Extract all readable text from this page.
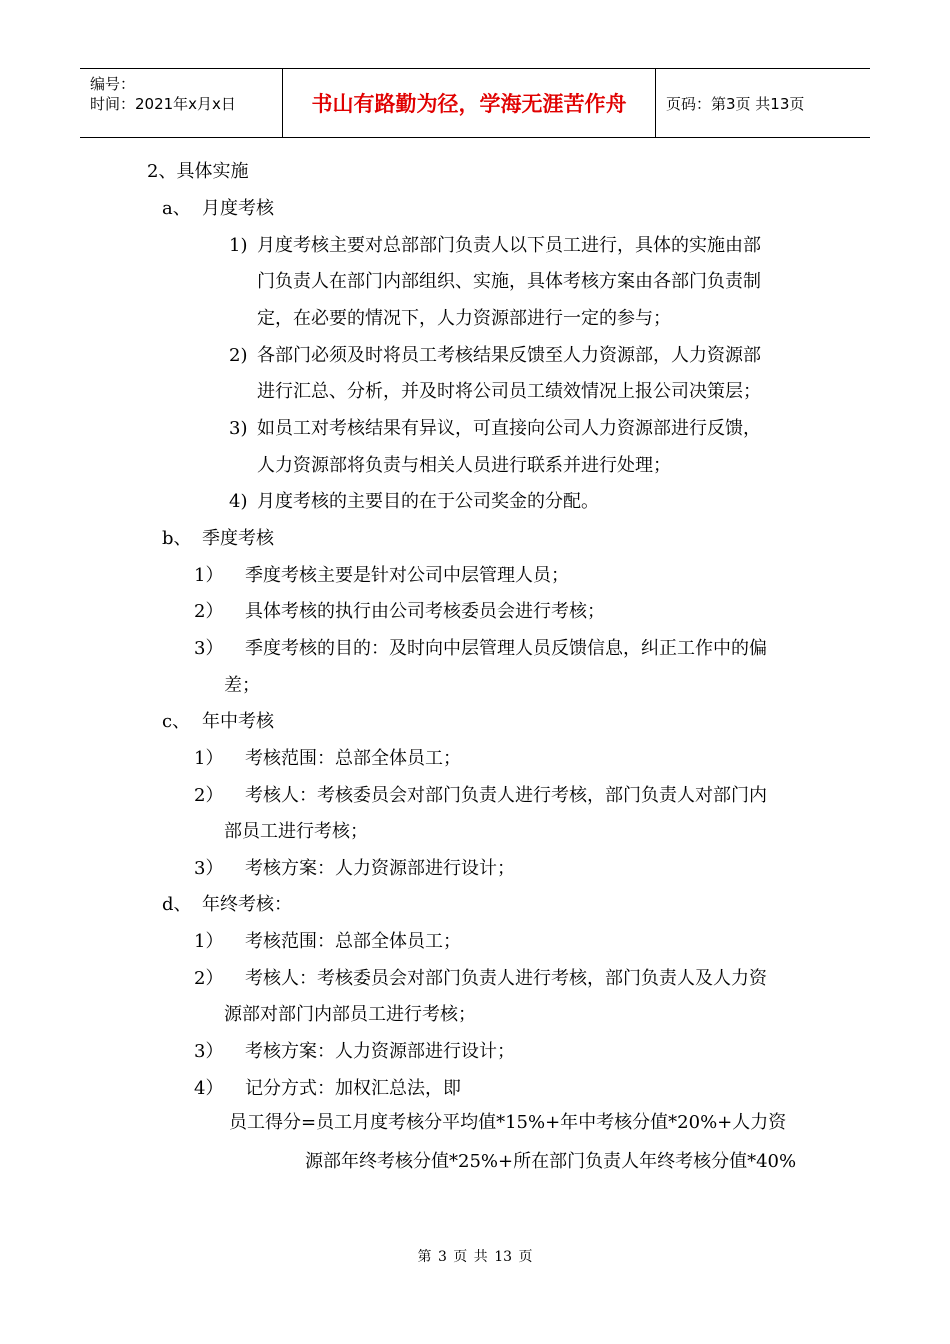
编号：
时间：2021年x月x日	书山有路勤为径，学海无涯苦作舟	页码：第3页 共13页
2、具体实施
a、 月度考核
1) 月度考核主要对总部部门负责人以下员工进行，具体的实施由部
门负责人在部门内部组织、实施，具体考核方案由各部门负责制
定，在必要的情况下，人力资源部进行一定的参与；
2) 各部门必须及时将员工考核结果反馈至人力资源部，人力资源部
进行汇总、分析，并及时将公司员工绩效情况上报公司决策层；
3) 如员工对考核结果有异议，可直接向公司人力资源部进行反馈，
人力资源部将负责与相关人员进行联系并进行处理；
4) 月度考核的主要目的在于公司奖金的分配。
b、 季度考核
1） 季度考核主要是针对公司中层管理人员；
2） 具体考核的执行由公司考核委员会进行考核；
3） 季度考核的目的：及时向中层管理人员反馈信息，纠正工作中的偏
差；
c、 年中考核
1） 考核范围：总部全体员工；
2） 考核人：考核委员会对部门负责人进行考核，部门负责人对部门内
部员工进行考核；
3） 考核方案：人力资源部进行设计；
d、 年终考核：
1） 考核范围：总部全体员工；
2） 考核人：考核委员会对部门负责人进行考核，部门负责人及人力资
源部对部门内部员工进行考核；
3） 考核方案：人力资源部进行设计；
4） 记分方式：加权汇总法，即
员工得分=员工月度考核分平均值*15%+年中考核分值*20%+人力资
源部年终考核分值*25%+所在部门负责人年终考核分值*40%
第 3 页 共 13 页
